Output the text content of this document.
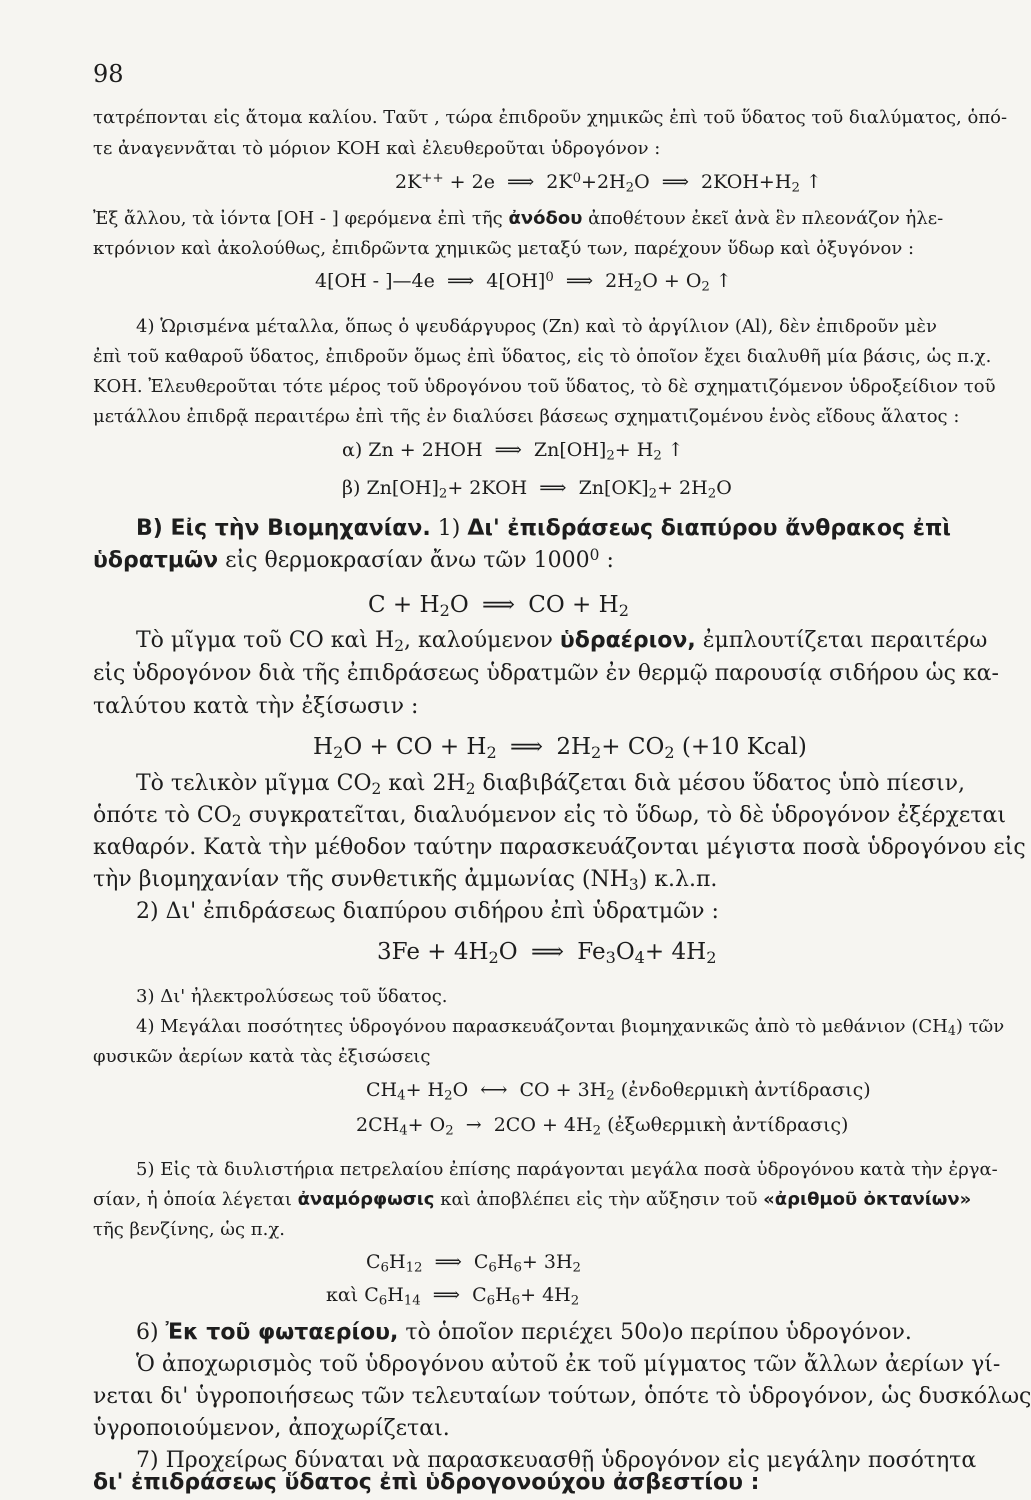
98
τατρέπονται εἰς ἄτομα καλίου. Ταῦτ , τώρα ἐπιδροῦν χημικῶς ἐπὶ τοῦ ὕδατος τοῦ διαλύματος, ὁπό-
τε ἀναγεννᾶται τὸ μόριον ΚΟΗ καὶ ἐλευθεροῦται ὑδρογόνον :
2K++ + 2e ⟹ $2K^0+2H_2O$ ⟹ $2KOH+H_2$ ↑
Ἐξ ἄλλου, τὰ ἰόντα [ΟΗ - ] φερόμενα ἐπὶ τῆς ἀνόδου ἀποθέτουν ἐκεῖ ἀνὰ ἓν πλεονάζον ἠλε-
κτρόνιον καὶ ἀκολούθως, ἐπιδρῶντα χημικῶς μεταξύ των, παρέχουν ὕδωρ καὶ ὀξυγόνον :
4[OH - ]—4e ⟹ 4[OH]$^0$ ⟹ $2H_2O + O_2$ ↑
4) Ὡρισμένα μέταλλα, ὅπως ὁ ψευδάργυρος (Ζn) καὶ τὸ ἀργίλιον (Αl), δὲν ἐπιδροῦν μὲν
ἐπὶ τοῦ καθαροῦ ὕδατος, ἐπιδροῦν ὅμως ἐπὶ ὕδατος, εἰς τὸ ὁποῖον ἔχει διαλυθῆ μία βάσις, ὡς π.χ.
ΚΟΗ. Ἐλευθεροῦται τότε μέρος τοῦ ὑδρογόνου τοῦ ὕδατος, τὸ δὲ σχηματιζόμενον ὑδροξείδιον τοῦ
μετάλλου ἐπιδρᾷ περαιτέρω ἐπὶ τῆς ἐν διαλύσει βάσεως σχηματιζομένου ἑνὸς εἴδους ἅλατος :
α) Zn + 2HOH ⟹ $Zn[OH]_2+ H_2$ ↑
β) $Zn[OH]_2+ 2KOH$ ⟹ $Zn[OK]_2+ 2H_2O$
Β) Εἰς τὴν Βιομηχανίαν. 1) Δι' ἐπιδράσεως διαπύρου ἄνθρακος ἐπὶ
ὑδρατμῶν εἰς θερμοκρασίαν ἄνω τῶν 1000$^0$ :
$C + H_2O$ ⟹ CO + $H_2$
Τὸ μῖγμα τοῦ CO καὶ $H_2$, καλούμενον ὑδραέριον, ἐμπλουτίζεται περαιτέρω
εἰς ὑδρογόνον διὰ τῆς ἐπιδράσεως ὑδρατμῶν ἐν θερμῷ παρουσίᾳ σιδήρου ὡς κα-
ταλύτου κατὰ τὴν ἐξίσωσιν :
$H_2O$ + CO + $H_2$ ⟹ $2H_2+ CO_2$ (+10 Kcal)
Τὸ τελικὸν μῖγμα $CO_2$ καὶ $2H_2$ διαβιβάζεται διὰ μέσου ὕδατος ὑπὸ πίεσιν,
ὁπότε τὸ $CO_2$ συγκρατεῖται, διαλυόμενον εἰς τὸ ὕδωρ, τὸ δὲ ὑδρογόνον ἐξέρχεται
καθαρόν. Κατὰ τὴν μέθοδον ταύτην παρασκευάζονται μέγιστα ποσὰ ὑδρογόνου εἰς
τὴν βιομηχανίαν τῆς συνθετικῆς ἀμμωνίας $(NH_3)$ κ.λ.π.
2) Δι' ἐπιδράσεως διαπύρου σιδήρου ἐπὶ ὑδρατμῶν :
$3Fe + 4H_2O$ ⟹ $Fe_3O_4+ 4H_2$
3) Δι' ἠλεκτρολύσεως τοῦ ὕδατος.
4) Μεγάλαι ποσότητες ὑδρογόνου παρασκευάζονται βιομηχανικῶς ἀπὸ τὸ μεθάνιον $(CH_4)$ τῶν
φυσικῶν ἀερίων κατὰ τὰς ἐξισώσεις
$CH_4+ H_2O$ ⟷ CO + $3H_2$ (ἐνδοθερμικὴ ἀντίδρασις)
$2CH_4+ O_2 \to 2CO + 4H_2$ (ἐξωθερμικὴ ἀντίδρασις)
5) Εἰς τὰ διυλιστήρια πετρελαίου ἐπίσης παράγονται μεγάλα ποσὰ ὑδρογόνου κατὰ τὴν ἐργα-
σίαν, ἡ ὁποία λέγεται ἀναμόρφωσις καὶ ἀποβλέπει εἰς τὴν αὔξησιν τοῦ «ἀριθμοῦ ὀκτανίων»
τῆς βενζίνης, ὡς π.χ.
$C_6H_{12}$ ⟹ $C_6H_6+ 3H_2$
καὶ $C_6H_{14}$ ⟹ $C_6H_6+ 4H_2$
6) Ἐκ τοῦ φωταερίου, τὸ ὁποῖον περιέχει 50ο)ο περίπου ὑδρογόνον.
Ὁ ἀποχωρισμὸς τοῦ ὑδρογόνου αὐτοῦ ἐκ τοῦ μίγματος τῶν ἄλλων ἀερίων γί-
νεται δι' ὑγροποιήσεως τῶν τελευταίων τούτων, ὁπότε τὸ ὑδρογόνον, ὡς δυσκόλως
ὑγροποιούμενον, ἀποχωρίζεται.
7) Προχείρως δύναται νὰ παρασκευασθῇ ὑδρογόνον εἰς μεγάλην ποσότητα
δι' ἐπιδράσεως ὕδατος ἐπὶ ὑδρογονούχου ἀσβεστίου :
